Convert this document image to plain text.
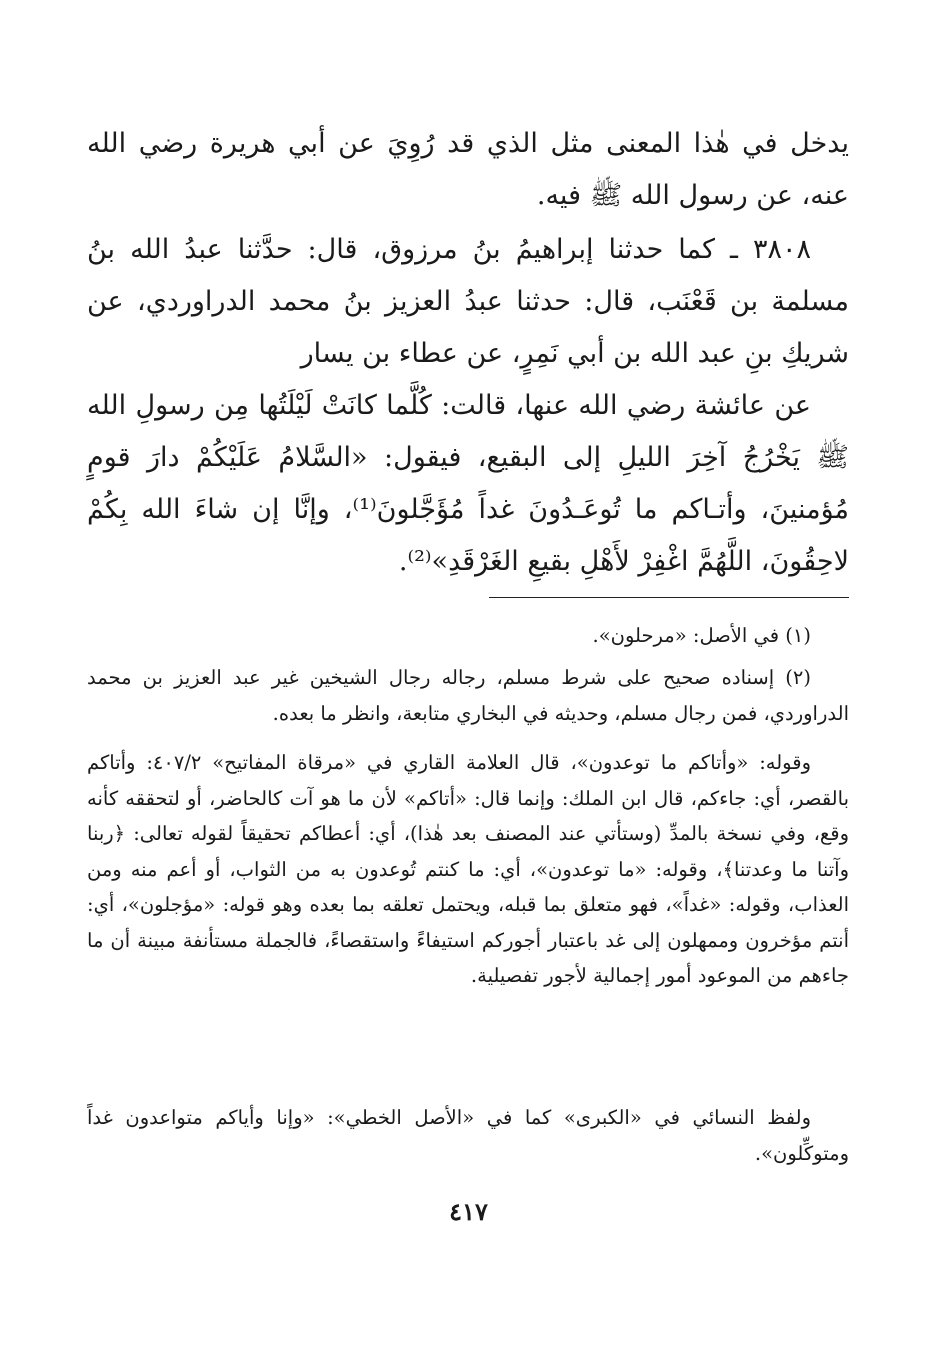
يدخل في هٰذا المعنى مثل الذي قد رُوِيَ عن أبي هريرة رضي الله عنه، عن رسول الله ﷺ فيه.

٣٨٠٨ ـ كما حدثنا إبراهيمُ بنُ مرزوق، قال: حدَّثنا عبدُ الله بنُ مسلمة بن قَعْنَب، قال: حدثنا عبدُ العزيز بنُ محمد الدراوردي، عن شريكِ بنِ عبد الله بن أبي نَمِرٍ، عن عطاء بن يسار

عن عائشة رضي الله عنها، قالت: كُلَّما كانَتْ لَيْلَتُها مِن رسولِ الله ﷺ يَخْرُجُ آخِرَ الليلِ إلى البقيع، فيقول: «السَّلامُ عَلَيْكُمْ دارَ قومٍ مُؤمنينَ، وأتـاكم ما تُوعَـدُونَ غداً مُؤَجَّلونَ⁽¹⁾، وإنَّا إن شاءَ الله بِكُمْ لاحِقُونَ، اللَّهُمَّ اغْفِرْ لأَهْلِ بقيعِ الغَرْقَدِ»⁽²⁾.

(١) في الأصل: «مرحلون».

(٢) إسناده صحيح على شرط مسلم، رجاله رجال الشيخين غير عبد العزيز بن محمد الدراوردي، فمن رجال مسلم، وحديثه في البخاري متابعة، وانظر ما بعده.

وقوله: «وأتاكم ما توعدون»، قال العلامة القاري في «مرقاة المفاتيح» ٤٠٧/٢: وأتاكم بالقصر، أي: جاءكم، قال ابن الملك: وإنما قال: «أتاكم» لأن ما هو آت كالحاضر، أو لتحققه كأنه وقع، وفي نسخة بالمدِّ (وستأتي عند المصنف بعد هٰذا)، أي: أعطاكم تحقيقاً لقوله تعالى: ﴿ربنا وآتنا ما وعدتنا﴾، وقوله: «ما توعدون»، أي: ما كنتم تُوعدون به من الثواب، أو أعم منه ومن العذاب، وقوله: «غداً»، فهو متعلق بما قبله، ويحتمل تعلقه بما بعده وهو قوله: «مؤجلون»، أي: أنتم مؤخرون وممهلون إلى غد باعتبار أجوركم استيفاءً واستقصاءً، فالجملة مستأنفة مبينة أن ما جاءهم من الموعود أمور إجمالية لأجور تفصيلية.

ولفظ النسائي في «الكبرى» كما في «الأصل الخطي»: «وإنا وأياكم متواعدون غداً ومتوكِّلون».

٤١٧
